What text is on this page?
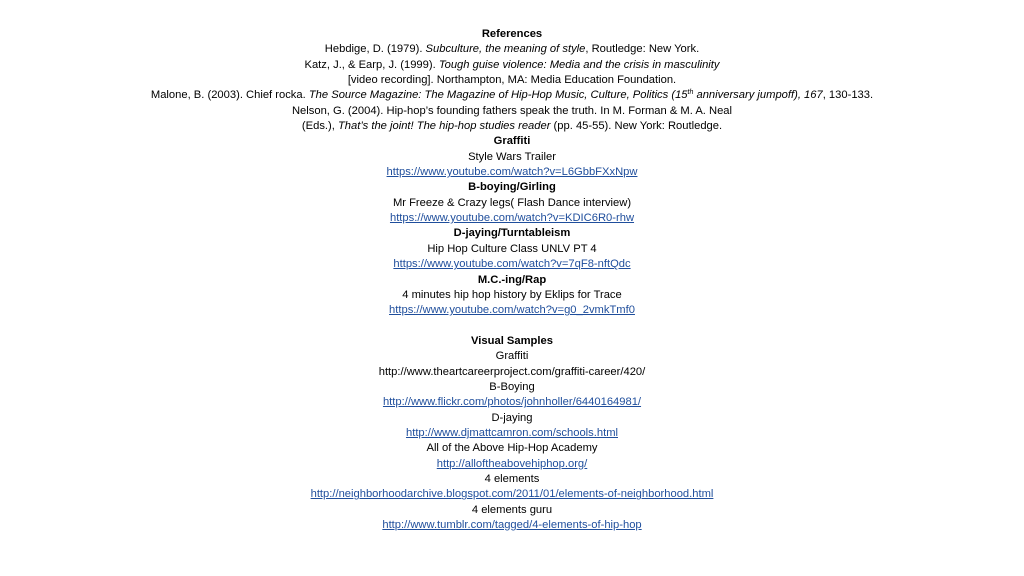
References
Hebdige, D. (1979). Subculture, the meaning of style, Routledge: New York.
Katz, J., & Earp, J. (1999). Tough guise violence: Media and the crisis in masculinity
[video recording]. Northampton, MA: Media Education Foundation.
Malone, B. (2003). Chief rocka. The Source Magazine: The Magazine of Hip-Hop Music, Culture, Politics (15th anniversary jumpoff), 167, 130-133.
Nelson, G. (2004). Hip-hop’s founding fathers speak the truth. In M. Forman & M. A. Neal
(Eds.), That’s the joint! The hip-hop studies reader (pp. 45-55). New York: Routledge.
Graffiti
Style Wars Trailer
https://www.youtube.com/watch?v=L6GbbFXxNpw
B-boying/Girling
Mr Freeze & Crazy legs( Flash Dance interview)
https://www.youtube.com/watch?v=KDIC6R0-rhw
D-jaying/Turntableism
Hip Hop Culture Class UNLV PT 4
https://www.youtube.com/watch?v=7qF8-nftQdc
M.C.-ing/Rap
4 minutes hip hop history by Eklips for Trace
https://www.youtube.com/watch?v=g0_2vmkTmf0
Visual Samples
Graffiti
http://www.theartcareerproject.com/graffiti-career/420/
B-Boying
http://www.flickr.com/photos/johnholler/6440164981/
D-jaying
http://www.djmattcamron.com/schools.html
All of the Above Hip-Hop Academy
http://alloftheabovehiphop.org/
4 elements
http://neighborhoodarchive.blogspot.com/2011/01/elements-of-neighborhood.html
4 elements guru
http://www.tumblr.com/tagged/4-elements-of-hip-hop
